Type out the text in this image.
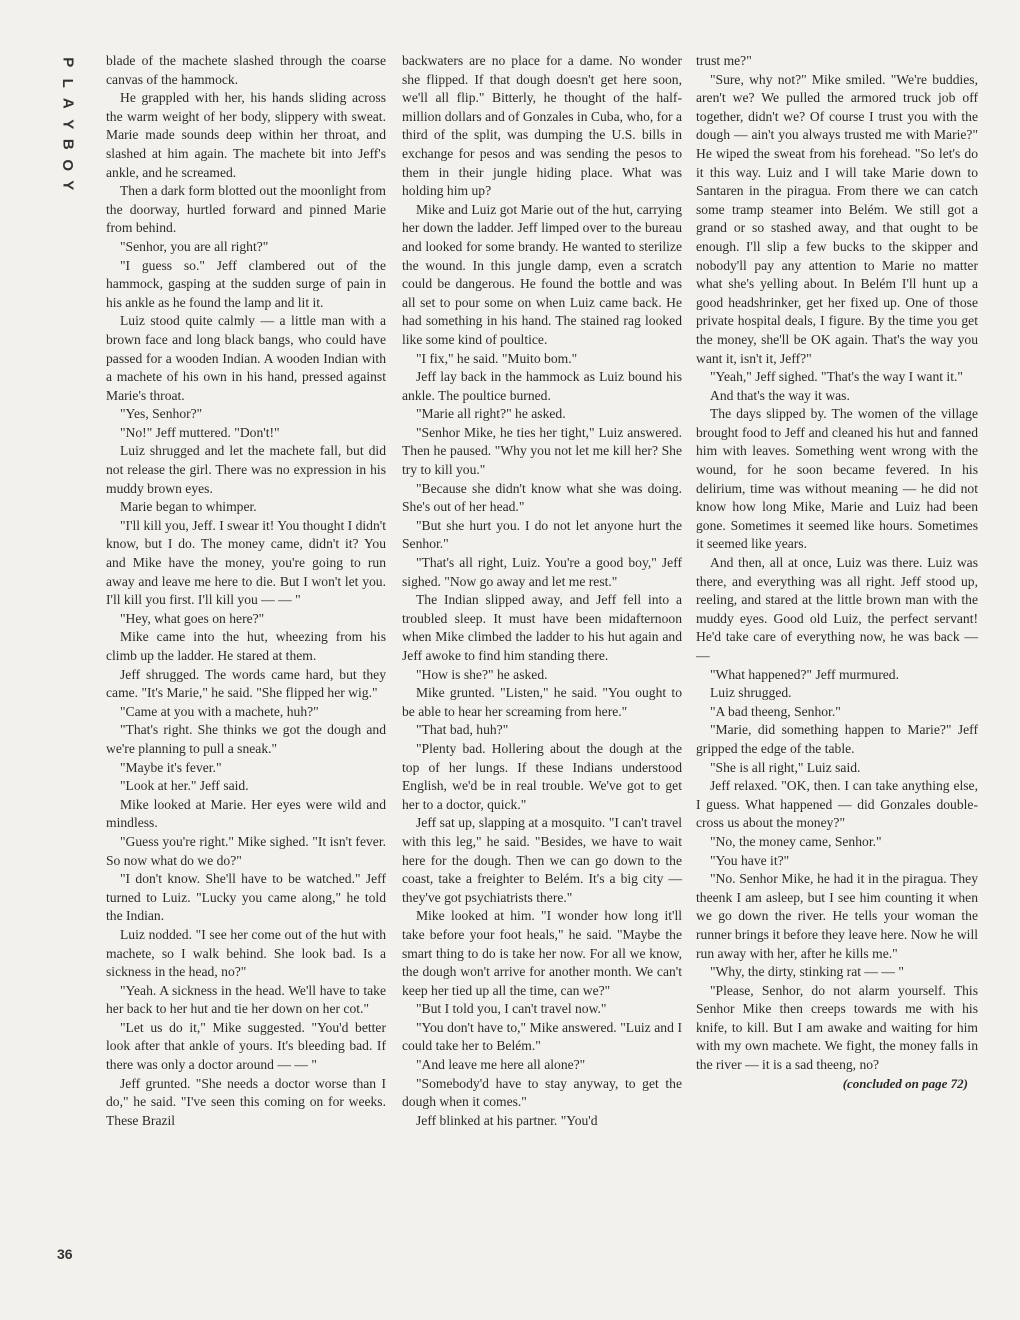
P
L
A
Y
B
O
Y
36

blade of the machete slashed through the coarse canvas of the hammock.

He grappled with her, his hands sliding across the warm weight of her body, slippery with sweat. Marie made sounds deep within her throat, and slashed at him again. The machete bit into Jeff's ankle, and he screamed.

Then a dark form blotted out the moonlight from the doorway, hurtled forward and pinned Marie from behind.

"Senhor, you are all right?"

"I guess so." Jeff clambered out of the hammock, gasping at the sudden surge of pain in his ankle as he found the lamp and lit it.

Luiz stood quite calmly — a little man with a brown face and long black bangs, who could have passed for a wooden Indian. A wooden Indian with a machete of his own in his hand, pressed against Marie's throat.

"Yes, Senhor?"

"No!" Jeff muttered. "Don't!"

Luiz shrugged and let the machete fall, but did not release the girl. There was no expression in his muddy brown eyes.

Marie began to whimper.

"I'll kill you, Jeff. I swear it! You thought I didn't know, but I do. The money came, didn't it? You and Mike have the money, you're going to run away and leave me here to die. But I won't let you. I'll kill you first. I'll kill you — — "

"Hey, what goes on here?"

Mike came into the hut, wheezing from his climb up the ladder. He stared at them.

Jeff shrugged. The words came hard, but they came. "It's Marie," he said. "She flipped her wig."

"Came at you with a machete, huh?"

"That's right. She thinks we got the dough and we're planning to pull a sneak."

"Maybe it's fever."

"Look at her." Jeff said.

Mike looked at Marie. Her eyes were wild and mindless.

"Guess you're right." Mike sighed. "It isn't fever. So now what do we do?"

"I don't know. She'll have to be watched." Jeff turned to Luiz. "Lucky you came along," he told the Indian.

Luiz nodded. "I see her come out of the hut with machete, so I walk behind. She look bad. Is a sickness in the head, no?"

"Yeah. A sickness in the head. We'll have to take her back to her hut and tie her down on her cot."

"Let us do it," Mike suggested. "You'd better look after that ankle of yours. It's bleeding bad. If there was only a doctor around — — "

Jeff grunted. "She needs a doctor worse than I do," he said. "I've seen this coming on for weeks. These Brazil

backwaters are no place for a dame. No wonder she flipped. If that dough doesn't get here soon, we'll all flip." Bitterly, he thought of the half-million dollars and of Gonzales in Cuba, who, for a third of the split, was dumping the U.S. bills in exchange for pesos and was sending the pesos to them in their jungle hiding place. What was holding him up?

Mike and Luiz got Marie out of the hut, carrying her down the ladder. Jeff limped over to the bureau and looked for some brandy. He wanted to sterilize the wound. In this jungle damp, even a scratch could be dangerous. He found the bottle and was all set to pour some on when Luiz came back. He had something in his hand. The stained rag looked like some kind of poultice.

"I fix," he said. "Muito bom."

Jeff lay back in the hammock as Luiz bound his ankle. The poultice burned.

"Marie all right?" he asked.

"Senhor Mike, he ties her tight," Luiz answered. Then he paused. "Why you not let me kill her? She try to kill you."

"Because she didn't know what she was doing. She's out of her head."

"But she hurt you. I do not let anyone hurt the Senhor."

"That's all right, Luiz. You're a good boy," Jeff sighed. "Now go away and let me rest."

The Indian slipped away, and Jeff fell into a troubled sleep. It must have been midafternoon when Mike climbed the ladder to his hut again and Jeff awoke to find him standing there.

"How is she?" he asked.

Mike grunted. "Listen," he said. "You ought to be able to hear her screaming from here."

"That bad, huh?"

"Plenty bad. Hollering about the dough at the top of her lungs. If these Indians understood English, we'd be in real trouble. We've got to get her to a doctor, quick."

Jeff sat up, slapping at a mosquito. "I can't travel with this leg," he said. "Besides, we have to wait here for the dough. Then we can go down to the coast, take a freighter to Belém. It's a big city — they've got psychiatrists there."

Mike looked at him. "I wonder how long it'll take before your foot heals," he said. "Maybe the smart thing to do is take her now. For all we know, the dough won't arrive for another month. We can't keep her tied up all the time, can we?"

"But I told you, I can't travel now."

"You don't have to," Mike answered. "Luiz and I could take her to Belém."

"And leave me here all alone?"

"Somebody'd have to stay anyway, to get the dough when it comes."

Jeff blinked at his partner. "You'd

trust me?"

"Sure, why not?" Mike smiled. "We're buddies, aren't we? We pulled the armored truck job off together, didn't we? Of course I trust you with the dough — ain't you always trusted me with Marie?" He wiped the sweat from his forehead. "So let's do it this way. Luiz and I will take Marie down to Santaren in the piragua. From there we can catch some tramp steamer into Belém. We still got a grand or so stashed away, and that ought to be enough. I'll slip a few bucks to the skipper and nobody'll pay any attention to Marie no matter what she's yelling about. In Belém I'll hunt up a good headshrinker, get her fixed up. One of those private hospital deals, I figure. By the time you get the money, she'll be OK again. That's the way you want it, isn't it, Jeff?"

"Yeah," Jeff sighed. "That's the way I want it."

And that's the way it was.

The days slipped by. The women of the village brought food to Jeff and cleaned his hut and fanned him with leaves. Something went wrong with the wound, for he soon became fevered. In his delirium, time was without meaning — he did not know how long Mike, Marie and Luiz had been gone. Sometimes it seemed like hours. Sometimes it seemed like years.

And then, all at once, Luiz was there. Luiz was there, and everything was all right. Jeff stood up, reeling, and stared at the little brown man with the muddy eyes. Good old Luiz, the perfect servant! He'd take care of everything now, he was back — —

"What happened?" Jeff murmured.

Luiz shrugged.

"A bad theeng, Senhor."

"Marie, did something happen to Marie?" Jeff gripped the edge of the table.

"She is all right," Luiz said.

Jeff relaxed. "OK, then. I can take anything else, I guess. What happened — did Gonzales double-cross us about the money?"

"No, the money came, Senhor."

"You have it?"

"No. Senhor Mike, he had it in the piragua. They theenk I am asleep, but I see him counting it when we go down the river. He tells your woman the runner brings it before they leave here. Now he will run away with her, after he kills me."

"Why, the dirty, stinking rat — — "

"Please, Senhor, do not alarm yourself. This Senhor Mike then creeps towards me with his knife, to kill. But I am awake and waiting for him with my own machete. We fight, the money falls in the river — it is a sad theeng, no?

(concluded on page 72)
